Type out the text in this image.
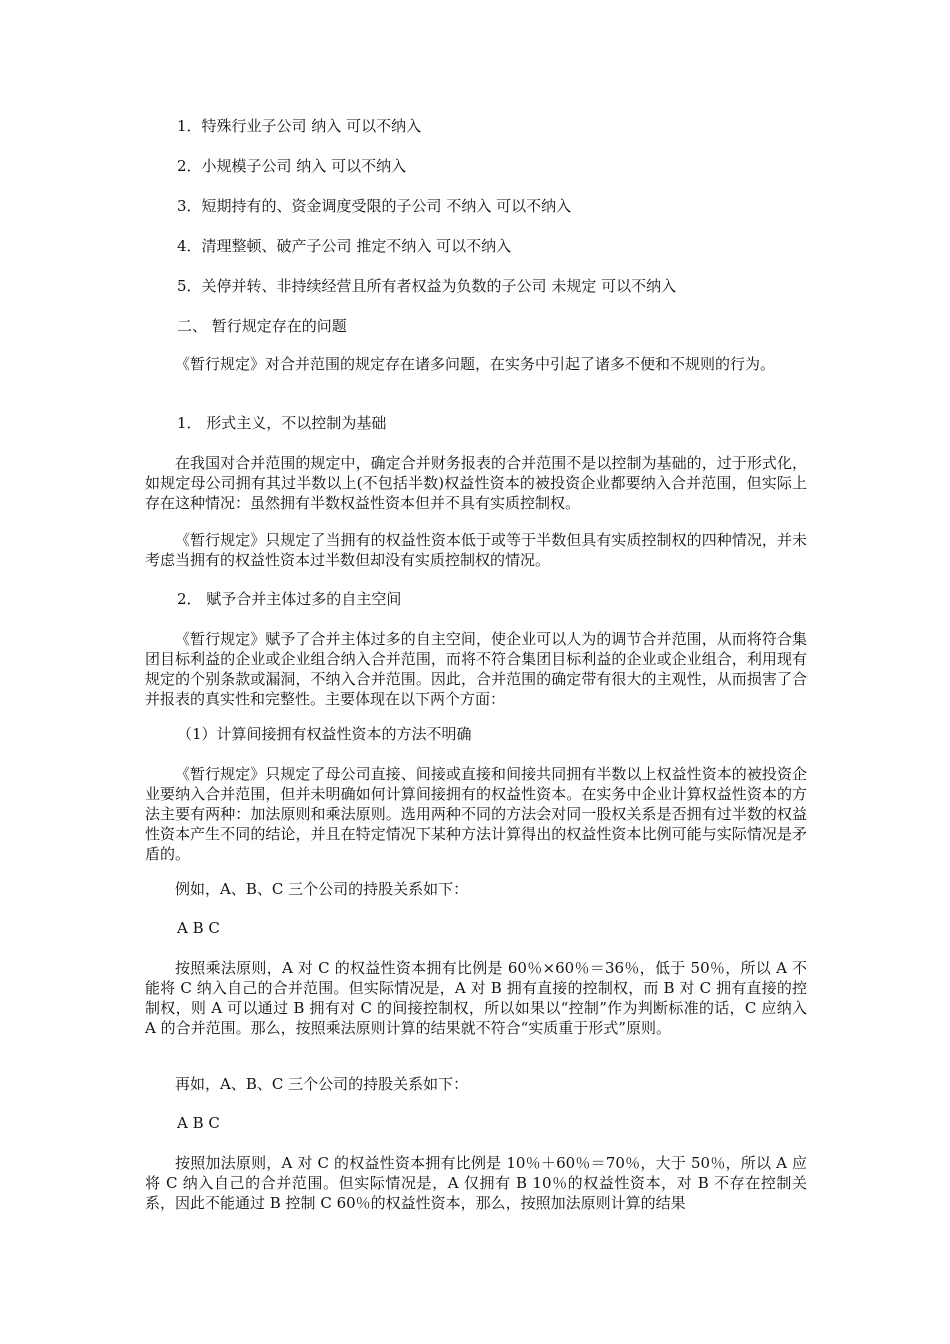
1．特殊行业子公司 纳入 可以不纳入

2．小规模子公司 纳入 可以不纳入

3．短期持有的、资金调度受限的子公司 不纳入 可以不纳入

4．清理整顿、破产子公司 推定不纳入 可以不纳入

5．关停并转、非持续经营且所有者权益为负数的子公司 未规定 可以不纳入

二、 暂行规定存在的问题

《暂行规定》对合并范围的规定存在诸多问题，在实务中引起了诸多不便和不规则的行为。

1． 形式主义，不以控制为基础

在我国对合并范围的规定中，确定合并财务报表的合并范围不是以控制为基础的，过于形式化，如规定母公司拥有其过半数以上(不包括半数)权益性资本的被投资企业都要纳入合并范围，但实际上存在这种情况：虽然拥有半数权益性资本但并不具有实质控制权。

《暂行规定》只规定了当拥有的权益性资本低于或等于半数但具有实质控制权的四种情况，并未考虑当拥有的权益性资本过半数但却没有实质控制权的情况。

2． 赋予合并主体过多的自主空间

《暂行规定》赋予了合并主体过多的自主空间，使企业可以人为的调节合并范围，从而将符合集团目标利益的企业或企业组合纳入合并范围，而将不符合集团目标利益的企业或企业组合，利用现有规定的个别条款或漏洞，不纳入合并范围。因此，合并范围的确定带有很大的主观性，从而损害了合并报表的真实性和完整性。主要体现在以下两个方面：

（1）计算间接拥有权益性资本的方法不明确

《暂行规定》只规定了母公司直接、间接或直接和间接共同拥有半数以上权益性资本的被投资企业要纳入合并范围，但并未明确如何计算间接拥有的权益性资本。在实务中企业计算权益性资本的方法主要有两种：加法原则和乘法原则。选用两种不同的方法会对同一股权关系是否拥有过半数的权益性资本产生不同的结论，并且在特定情况下某种方法计算得出的权益性资本比例可能与实际情况是矛盾的。

例如，A、B、C 三个公司的持股关系如下：

A B C

按照乘法原则，A 对 C 的权益性资本拥有比例是 60％×60％＝36％，低于 50％，所以 A 不能将 C 纳入自己的合并范围。但实际情况是，A 对 B 拥有直接的控制权，而 B 对 C 拥有直接的控制权，则 A 可以通过 B 拥有对 C 的间接控制权，所以如果以“控制”作为判断标准的话，C 应纳入 A 的合并范围。那么，按照乘法原则计算的结果就不符合“实质重于形式”原则。

再如，A、B、C 三个公司的持股关系如下：

A B C

按照加法原则，A 对 C 的权益性资本拥有比例是 10％＋60％＝70％，大于 50％，所以 A 应将 C 纳入自己的合并范围。但实际情况是，A 仅拥有 B 10％的权益性资本，对 B 不存在控制关系，因此不能通过 B 控制 C 60％的权益性资本，那么，按照加法原则计算的结果
